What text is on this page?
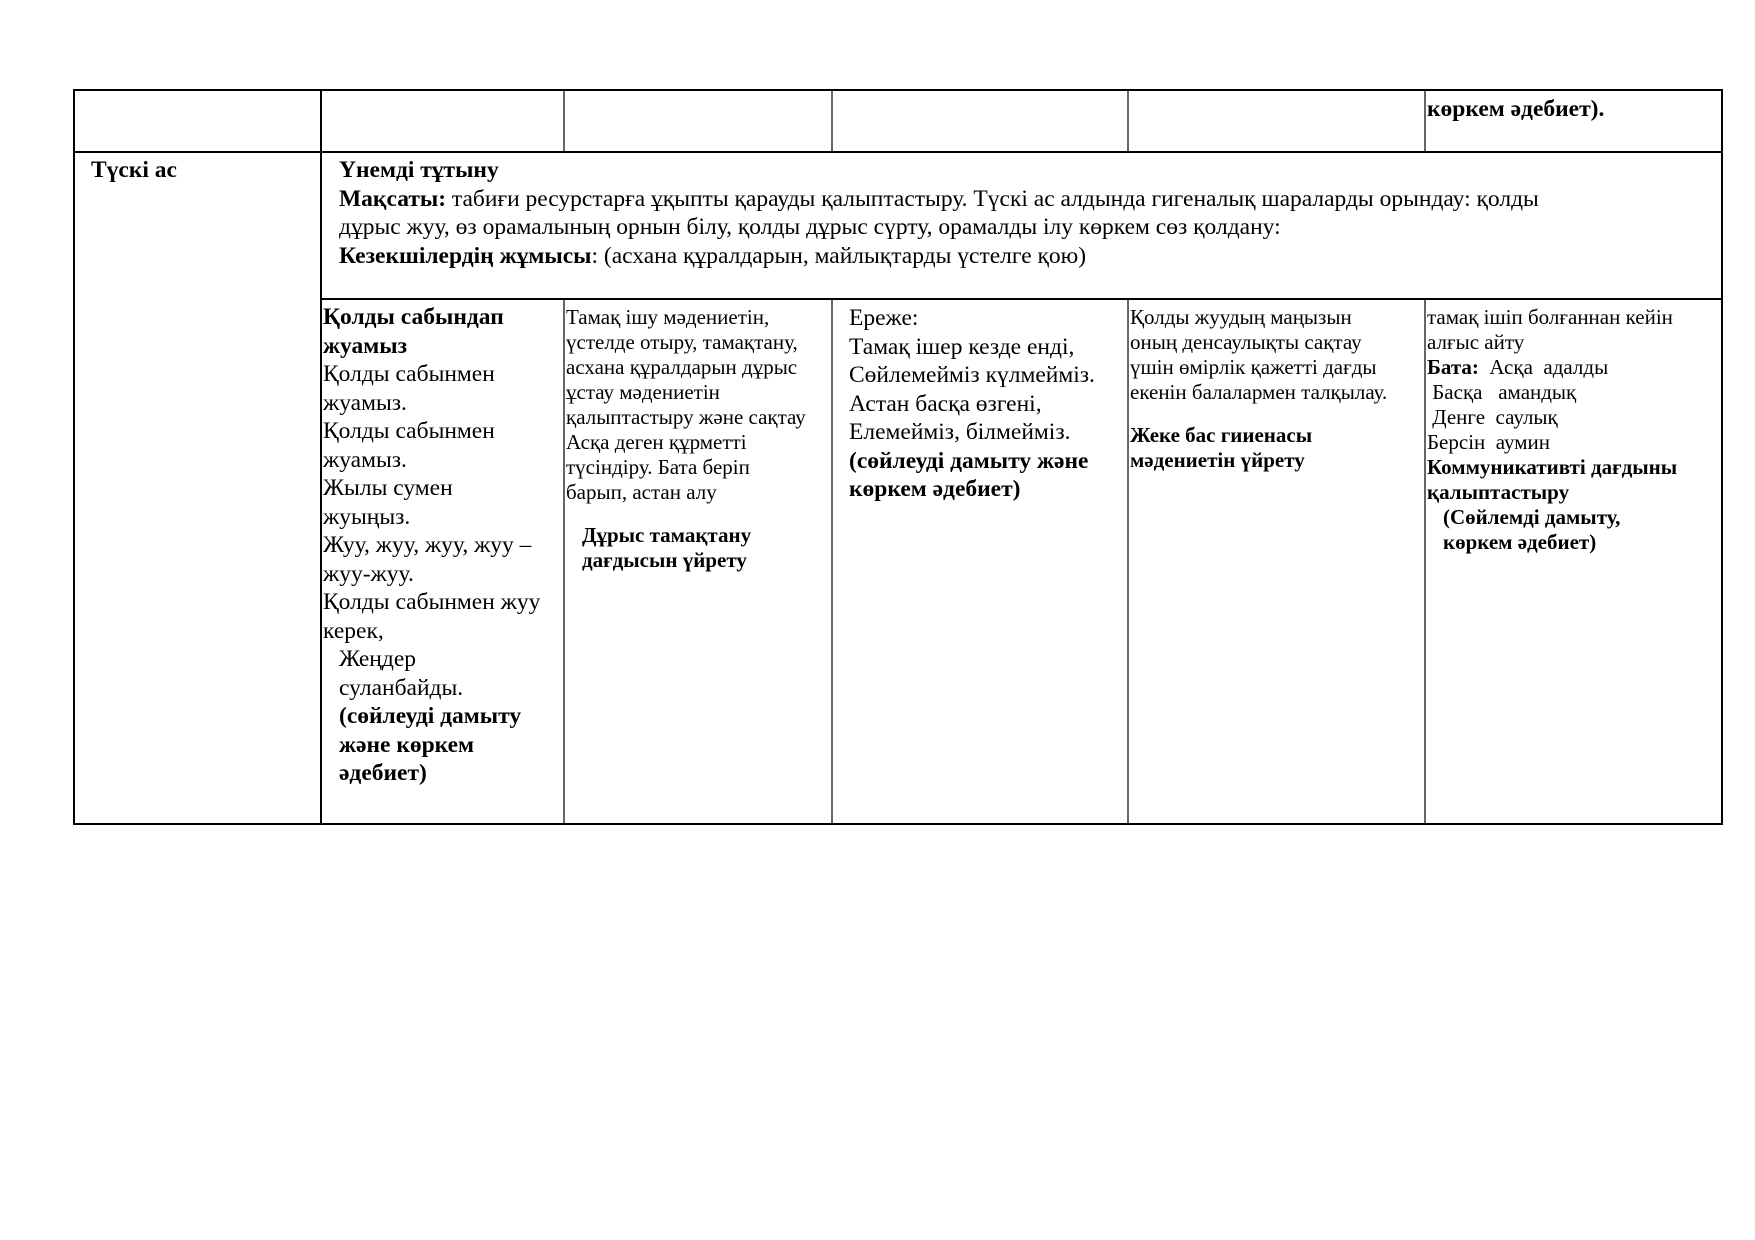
көркем әдебиет).
Түскі ас	Үнемді тұтыну
Мақсаты: табиғи ресурстарға ұқыпты қарауды қалыптастыру. Түскі ас алдында гигеналық шараларды орындау: қолды
дұрыс жуу, өз орамалының орнын білу, қолды дұрыс сүрту, орамалды ілу көркем сөз қолдану:
Кезекшілердің жұмысы: (асхана құралдарын, майлықтарды үстелге қою)
Қолды сабындап
жуамыз
Қолды сабынмен
жуамыз.
Қолды сабынмен
жуамыз.
Жылы сумен
жуыңыз.
Жуу, жуу, жуу, жуу –
жуу-жуу.
Қолды сабынмен жуу
керек,
Жеңдер
суланбайды.
(сөйлеуді дамыту
және көркем
әдебиет)
Тамақ ішу мәдениетін,
үстелде отыру, тамақтану,
асхана құралдарын дұрыс
ұстау мәдениетін
қалыптастыру және сақтау
Асқа деген құрметті
түсіндіру. Бата беріп
барып, астан алу
Дұрыс тамақтану
дағдысын үйрету
Ереже:
Тамақ ішер кезде енді,
Сөйлемейміз күлмейміз.
Астан басқа өзгені,
Елемейміз, білмейміз.
(сөйлеуді дамыту және
көркем әдебиет)
Қолды жуудың маңызын
оның денсаулықты сақтау
үшін өмірлік қажетті дағды
екенін балалармен талқылау.
Жеке бас гииенасы
мәдениетін үйрету
тамақ ішіп болғаннан кейін
алғыс айту
Бата:  Асқа  адалды
Басқа   амандық
Денге  саулық
Берсін  аумин
Коммуникативті дағдыны
қалыптастыру
(Сөйлемді дамыту,
көркем әдебиет)
